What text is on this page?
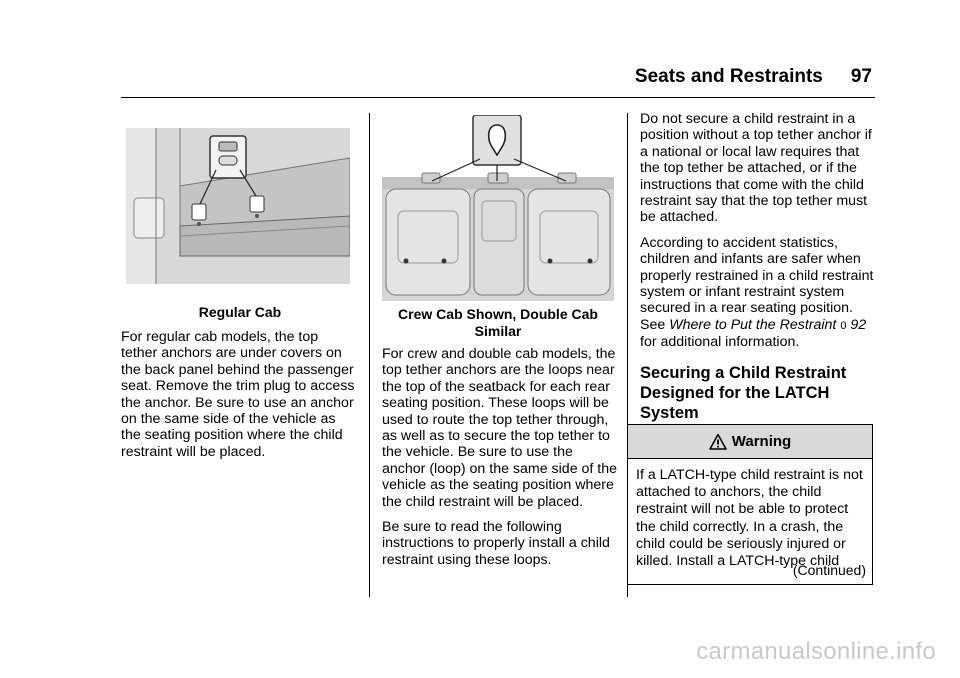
Seats and Restraints 97
Regular Cab

For regular cab models, the top tether anchors are under covers on the back panel behind the passenger seat. Remove the trim plug to access the anchor. Be sure to use an anchor on the same side of the vehicle as the seating position where the child restraint will be placed.

Crew Cab Shown, Double Cab
Similar

For crew and double cab models, the top tether anchors are the loops near the top of the seatback for each rear seating position. These loops will be used to route the top tether through, as well as to secure the top tether to the vehicle. Be sure to use the anchor (loop) on the same side of the vehicle as the seating position where the child restraint will be placed.

Be sure to read the following instructions to properly install a child restraint using these loops.

Do not secure a child restraint in a position without a top tether anchor if a national or local law requires that the top tether be attached, or if the instructions that come with the child restraint say that the top tether must be attached.

According to accident statistics, children and infants are safer when properly restrained in a child restraint system or infant restraint system secured in a rear seating position. See Where to Put the Restraint 0 92 for additional information.

Securing a Child Restraint Designed for the LATCH System
Warning
If a LATCH-type child restraint is not attached to anchors, the child restraint will not be able to protect the child correctly. In a crash, the child could be seriously injured or killed. Install a LATCH-type child
(Continued)
carmanualsonline.info
